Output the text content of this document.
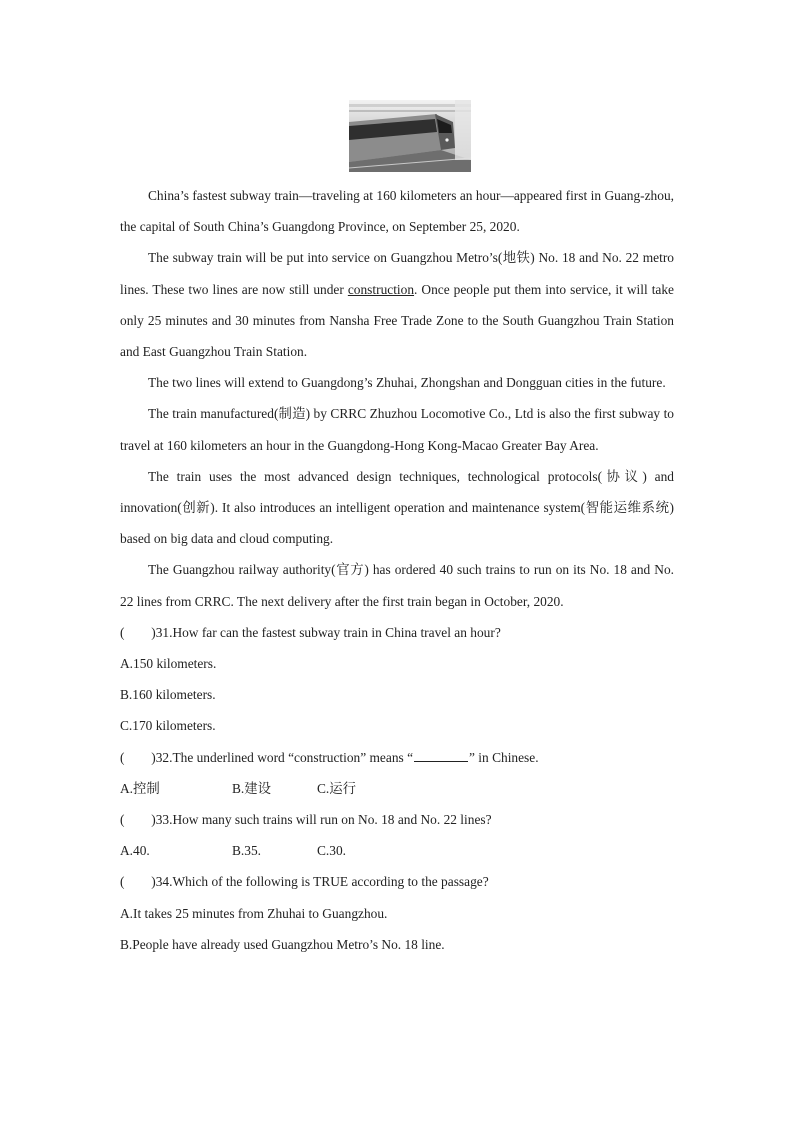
China’s fastest subway train—traveling at 160 kilometers an hour—appeared first in Guang-zhou, the capital of South China’s Guangdong Province, on September 25, 2020.

The subway train will be put into service on Guangzhou Metro’s(地铁) No. 18 and No. 22 metro lines. These two lines are now still under construction. Once people put them into service, it will take only 25 minutes and 30 minutes from Nansha Free Trade Zone to the South Guangzhou Train Station and East Guangzhou Train Station.

The two lines will extend to Guangdong’s Zhuhai, Zhongshan and Dongguan cities in the future.

The train manufactured(制造) by CRRC Zhuzhou Locomotive Co., Ltd is also the first subway to travel at 160 kilometers an hour in the Guangdong-Hong Kong-Macao Greater Bay Area.

The train uses the most advanced design techniques, technological protocols(协议) and innovation(创新). It also introduces an intelligent operation and maintenance system(智能运维系统) based on big data and cloud computing.

The Guangzhou railway authority(官方) has ordered 40 such trains to run on its No. 18 and No. 22 lines from CRRC. The next delivery after the first train began in October, 2020.

(　　)31.How far can the fastest subway train in China travel an hour?

A.150 kilometers.

B.160 kilometers.

C.170 kilometers.

(　　)32.The underlined word “construction” means “	” in Chinese.

A.控制	B.建设	C.运行

(　　)33.How many such trains will run on No. 18 and No. 22 lines?

A.40.	B.35.	C.30.

(　　)34.Which of the following is TRUE according to the passage?

A.It takes 25 minutes from Zhuhai to Guangzhou.

B.People have already used Guangzhou Metro’s No. 18 line.
